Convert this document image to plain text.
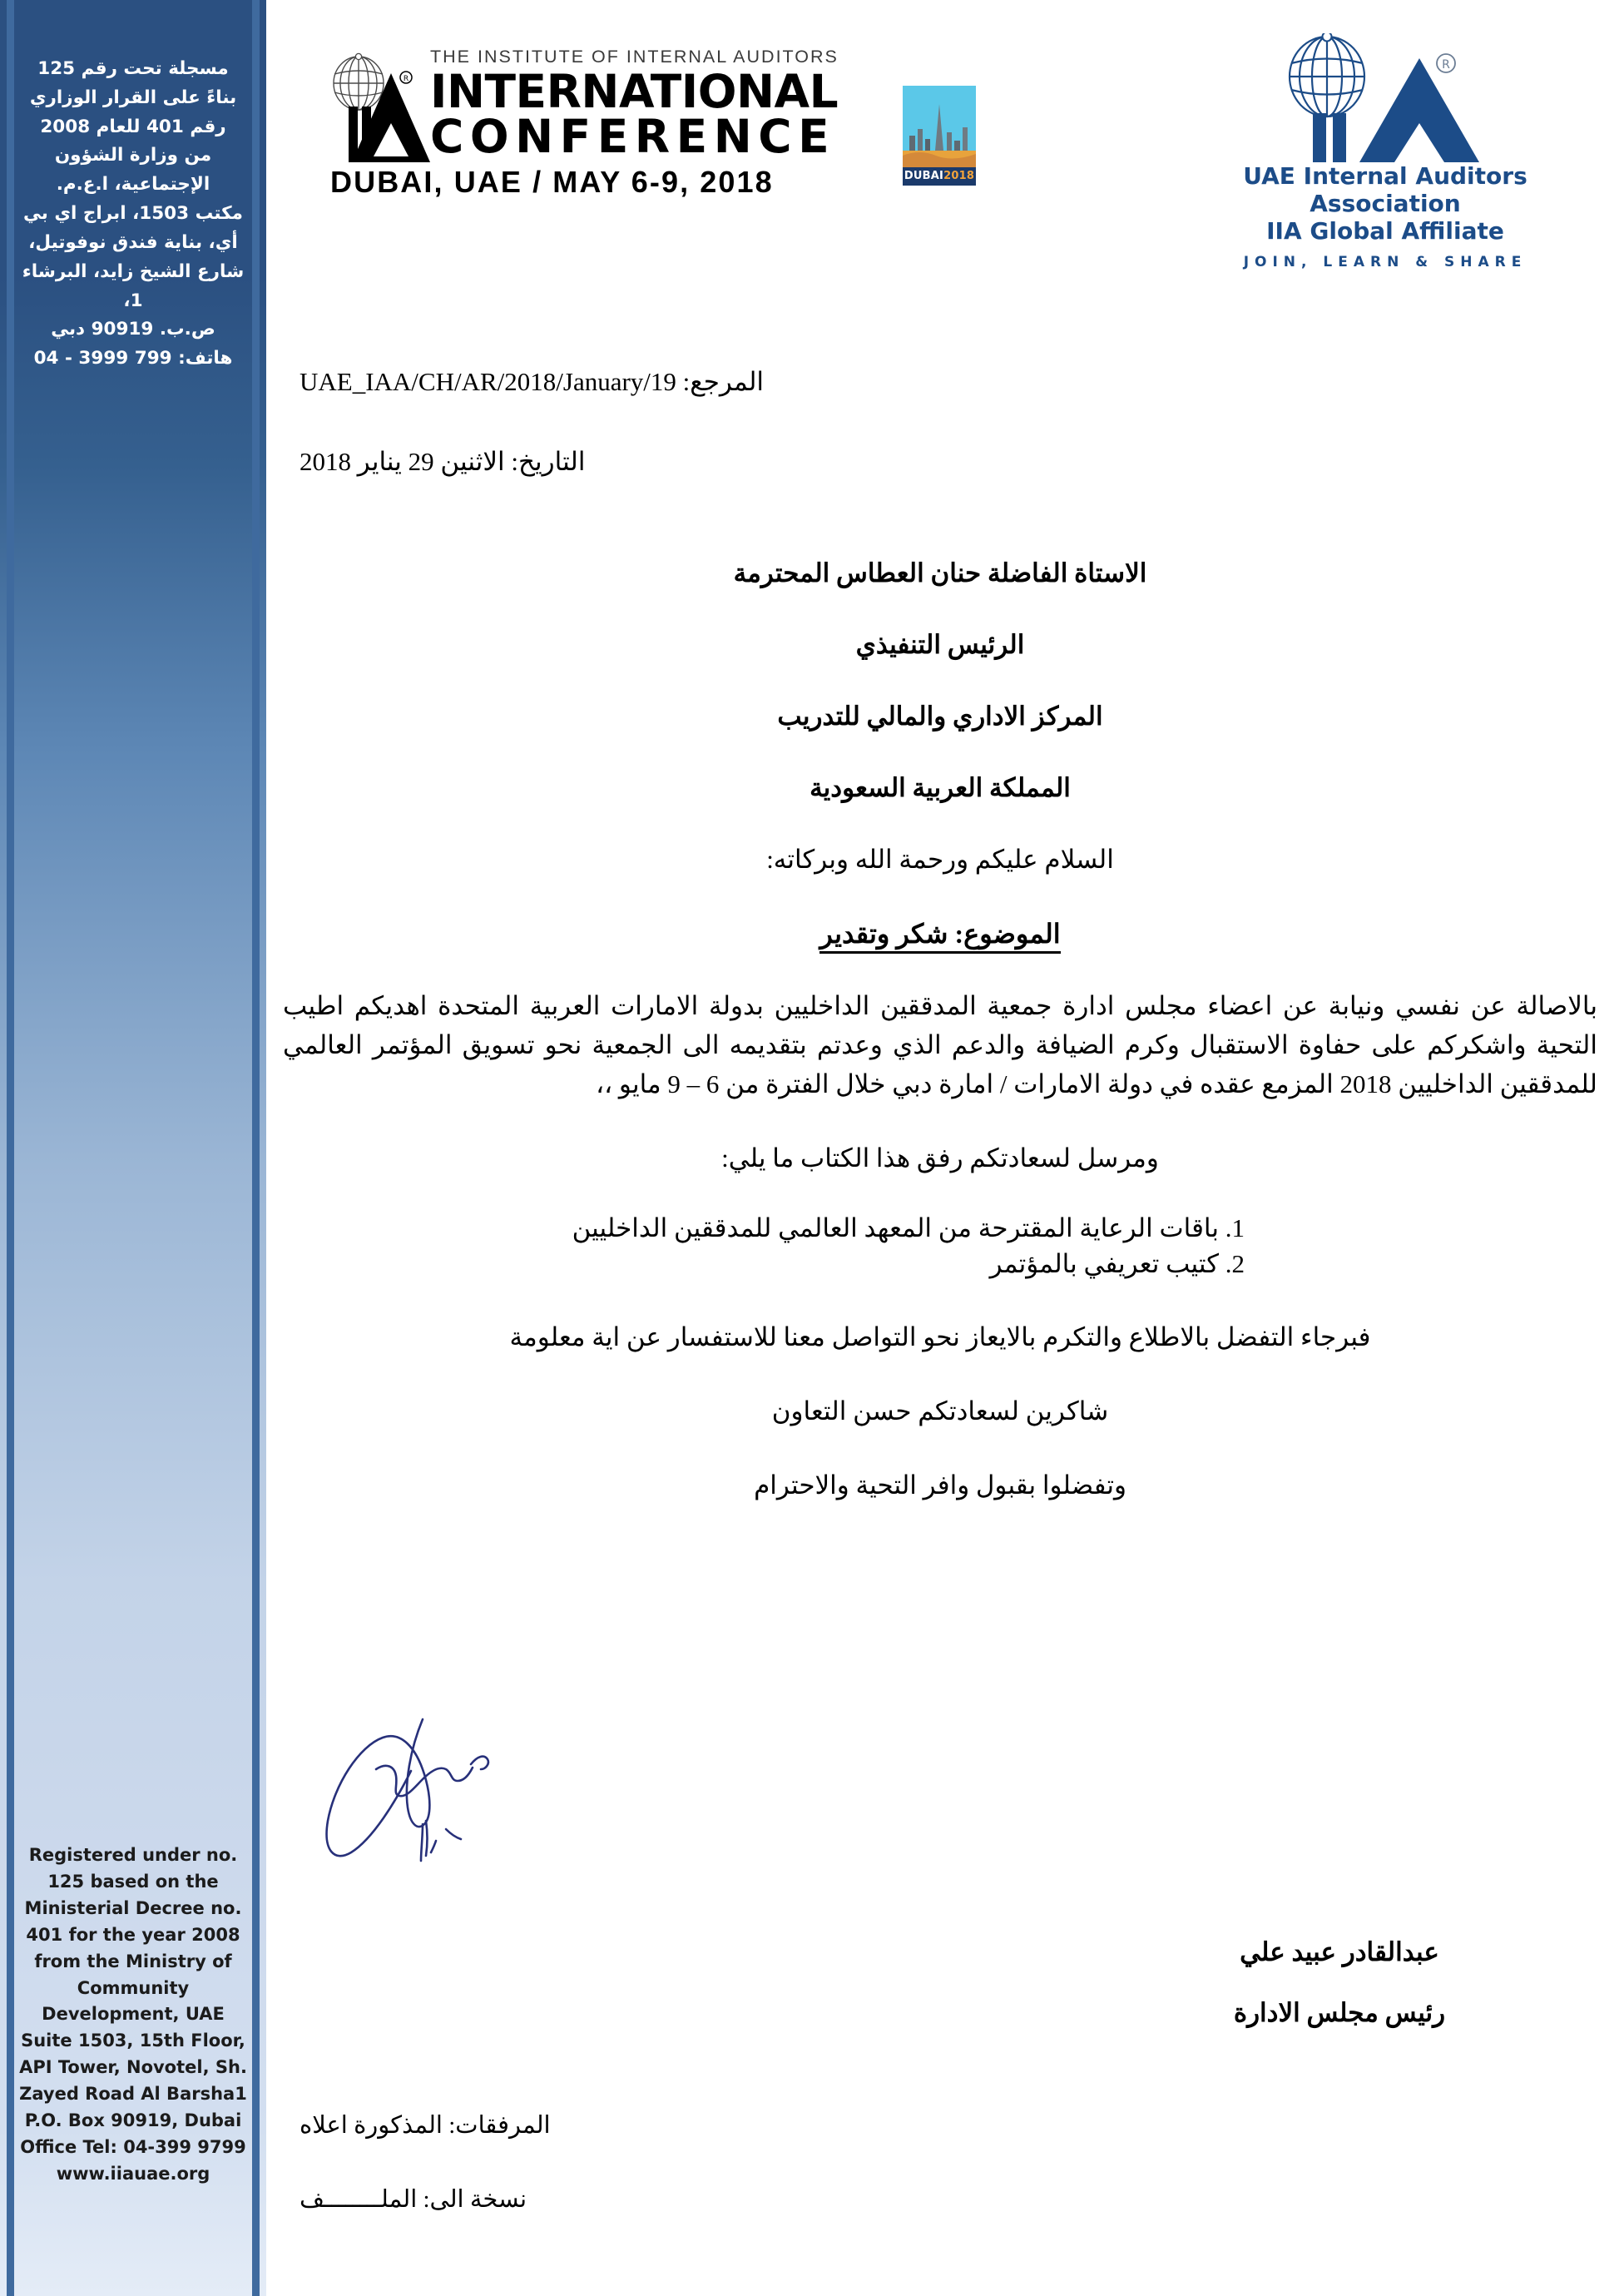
مسجلة تحت رقم 125
بناءً على القرار الوزاري رقم 401 للعام 2008
من وزارة الشؤون الإجتماعية، ا.ع.م.
مكتب 1503، ابراج اي بي أي، بناية فندق نوفوتيل، شارع الشيخ زايد، البرشاء 1،
ص.ب. 90919 دبي
هاتف: 799 3999 - 04
Registered under no. 125 based on the Ministerial Decree no. 401 for the year 2008 from the Ministry of Community Development, UAE
Suite 1503, 15th Floor, API Tower, Novotel, Sh. Zayed Road Al Barsha1
P.O. Box 90919, Dubai
Office Tel: 04-399 9799
www.iiauae.org
R
THE INSTITUTE OF INTERNAL AUDITORS
INTERNATIONAL
CONFERENCE
DUBAI, UAE / MAY 6-9, 2018	DUBAI2018
R
UAE Internal Auditors Association
IIA Global Affiliate
JOIN, LEARN & SHARE
المرجع: UAE_IAA/CH/AR/2018/January/19
التاريخ: الاثنين 29 يناير 2018
الاستاة الفاضلة حنان العطاس المحترمة
الرئيس التنفيذي
المركز الاداري والمالي للتدريب
المملكة العربية السعودية
السلام عليكم ورحمة الله وبركاته:
الموضوع: شكر وتقدير
بالاصالة عن نفسي ونيابة عن اعضاء مجلس ادارة جمعية المدققين الداخليين بدولة الامارات العربية المتحدة اهديكم اطيب التحية واشكركم على حفاوة الاستقبال وكرم الضيافة والدعم الذي وعدتم بتقديمه الى الجمعية نحو تسويق المؤتمر العالمي للمدققين الداخليين 2018 المزمع عقده في دولة الامارات / امارة دبي خلال الفترة من 6 – 9 مايو ،،
ومرسل لسعادتكم رفق هذا الكتاب ما يلي:
1. باقات الرعاية المقترحة من المعهد العالمي للمدققين الداخليين
2. كتيب تعريفي بالمؤتمر
فبرجاء التفضل بالاطلاع والتكرم بالايعاز نحو التواصل معنا للاستفسار عن اية معلومة
شاكرين لسعادتكم حسن التعاون
وتفضلوا بقبول وافر التحية والاحترام
عبدالقادر عبيد علي
رئيس مجلس الادارة
المرفقات: المذكورة اعلاه
نسخة الى: الملــــــــف
